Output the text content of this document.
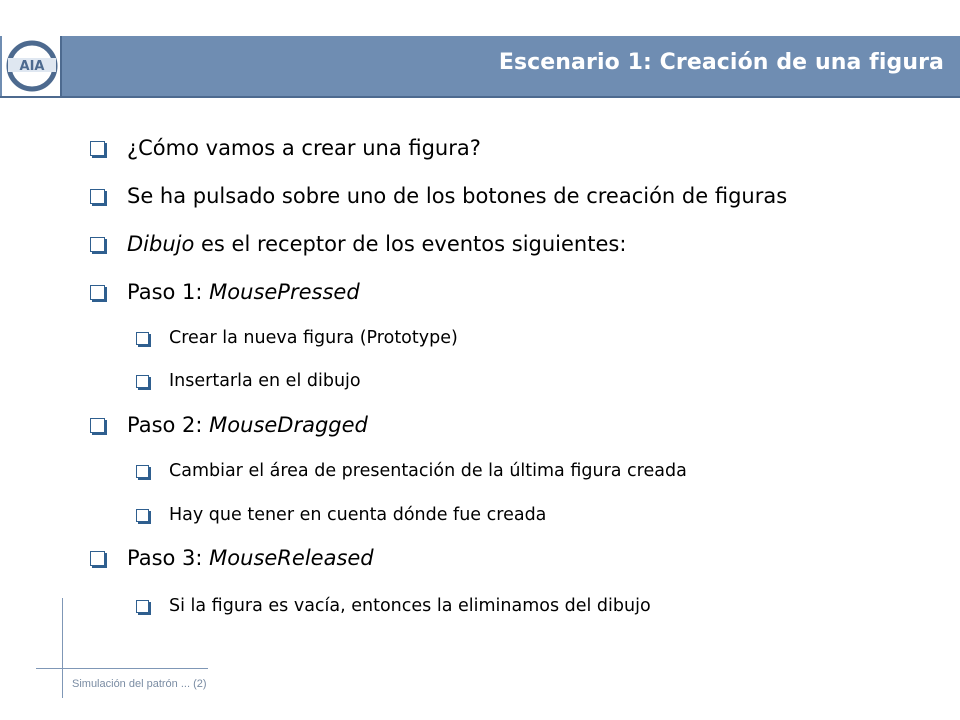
AIA	Escenario 1: Creación de una figura
¿Cómo vamos a crear una figura?
Se ha pulsado sobre uno de los botones de creación de figuras
Dibujo es el receptor de los eventos siguientes:
Paso 1: MousePressed
Crear la nueva figura (Prototype)
Insertarla en el dibujo
Paso 2: MouseDragged
Cambiar el área de presentación de la última figura creada
Hay que tener en cuenta dónde fue creada
Paso 3: MouseReleased
Si la figura es vacía, entonces la eliminamos del dibujo
Simulación del patrón ... (2)
